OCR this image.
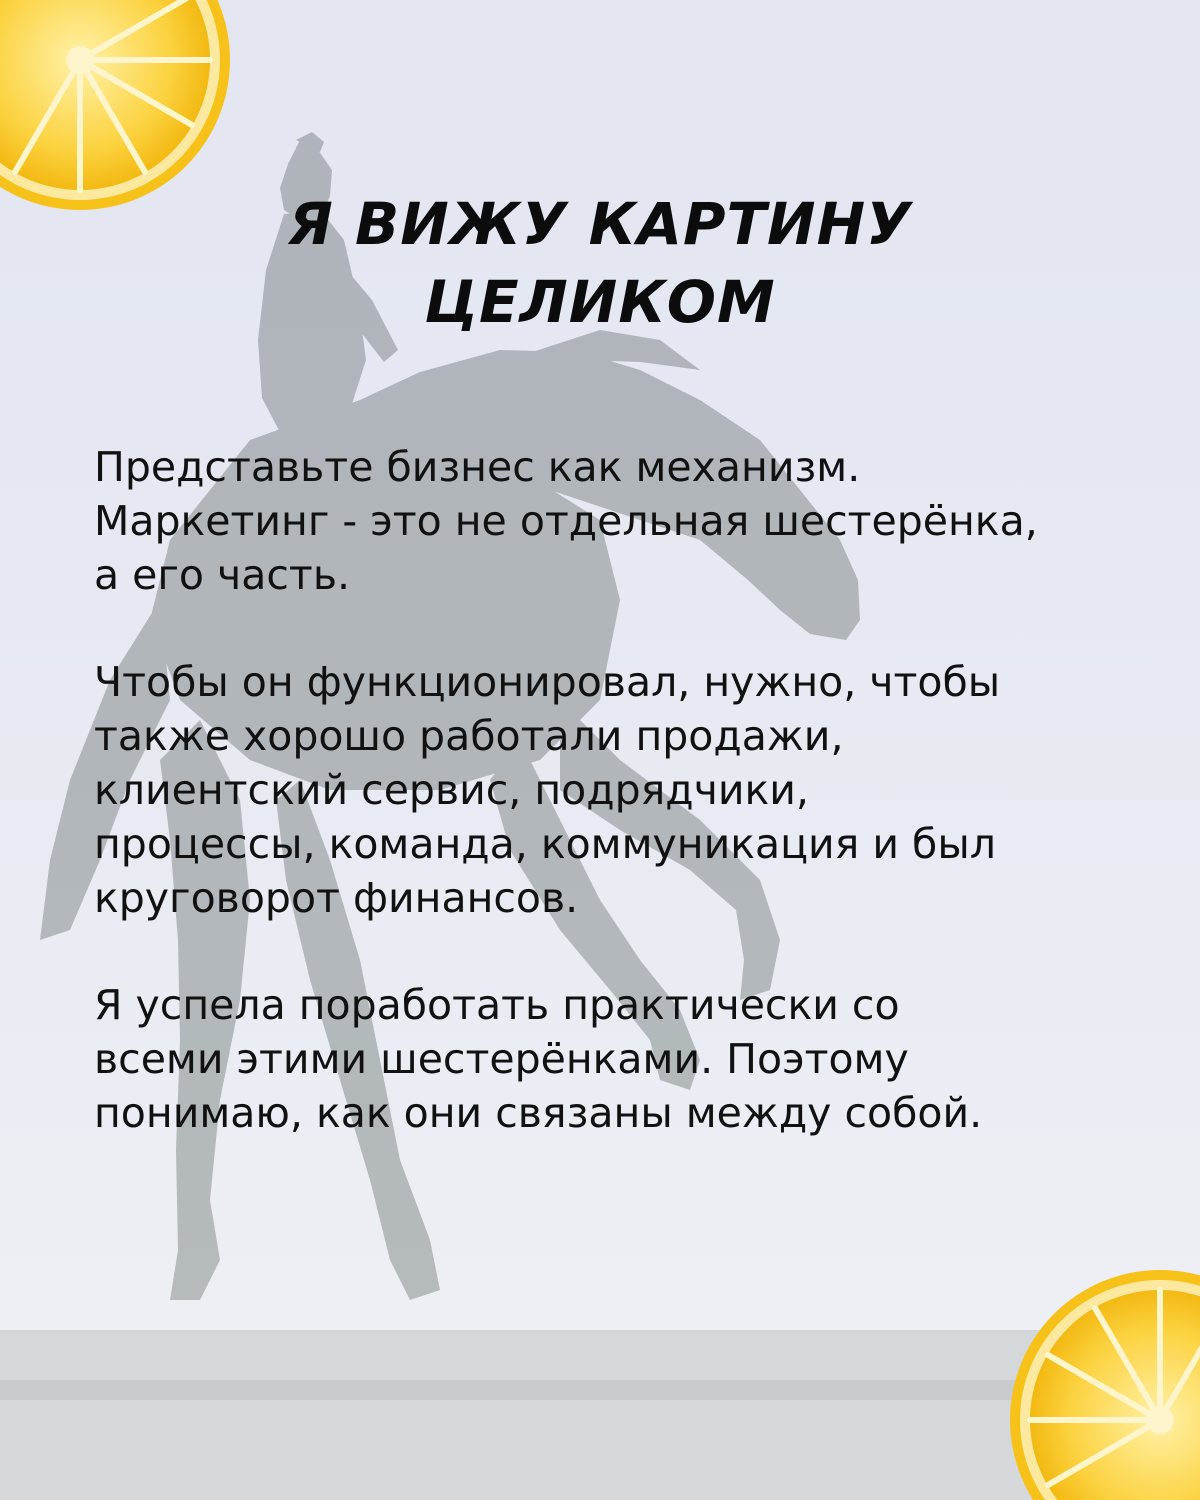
Я ВИЖУ КАРТИНУ
ЦЕЛИКОМ

Представьте бизнес как механизм.
Маркетинг - это не отдельная шестерёнка,
а его часть.

Чтобы он функционировал, нужно, чтобы
также хорошо работали продажи,
клиентский сервис, подрядчики,
процессы, команда, коммуникация и был
круговорот финансов.

Я успела поработать практически со
всеми этими шестерёнками. Поэтому
понимаю, как они связаны между собой.
